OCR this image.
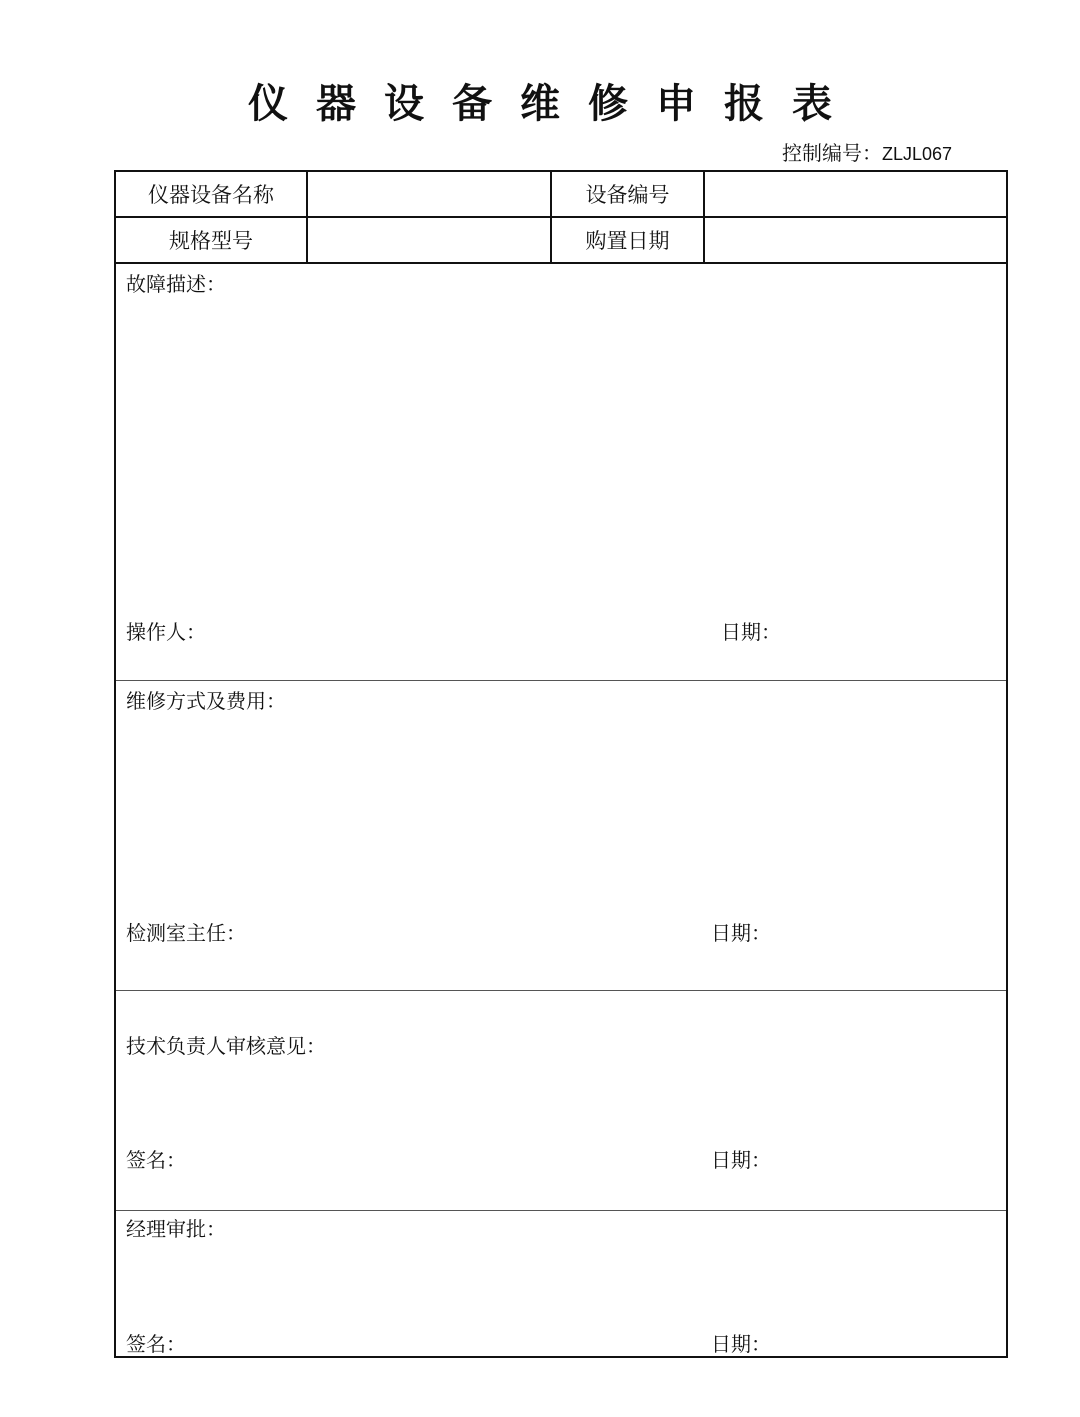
仪器设备维修申报表
控制编号：ZLJL067
仪器设备名称	设备编号
规格型号	购置日期
故障描述：
操作人：	日期：
维修方式及费用：
检测室主任：	日期：
技术负责人审核意见：
签名：	日期：
经理审批：
签名：	日期：
